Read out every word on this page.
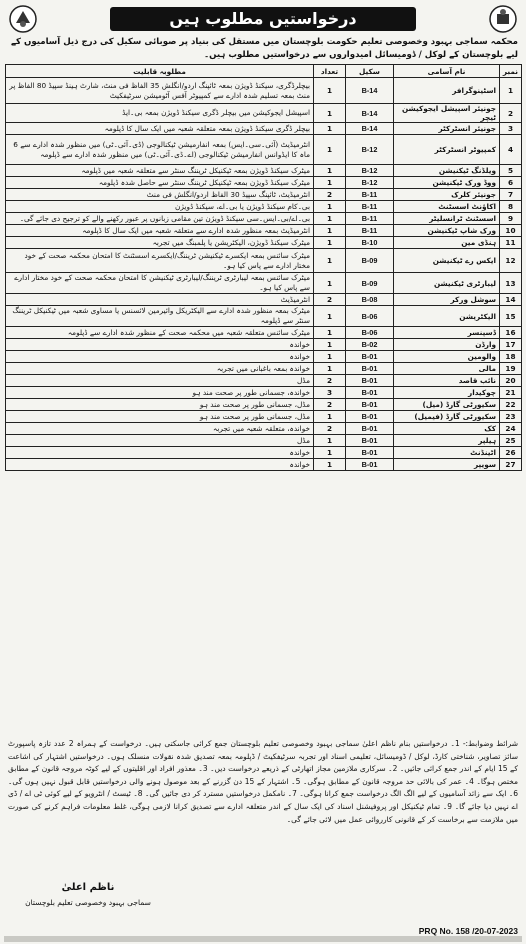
درخواستیں مطلوب ہیں
محکمہ سماجی بہبود وخصوصی تعلیم حکومت بلوچستان میں مستقل کی بنیاد پر صوبائی سکیل کی درج ذیل آسامیوں کے لیے بلوچستان کے لوکل / ڈومیسائل امیدواروں سے درخواستیں مطلوب ہیں۔
نمبر	نام آسامی	سکیل	تعداد	مطلوبہ قابلیت
1	اسٹینوگرافر	B-14	1	بیچلرڈگری، سیکنڈ ڈویژن بمعہ ٹائپنگ اردو/انگلش 35 الفاظ فی منٹ، شارٹ ہینڈ سپیڈ 80 الفاظ پر منٹ بمعہ تسلیم شدہ ادارے سے کمپیوٹر آفس آٹومیشن سرٹیفکیٹ
2	جونیئر اسپیشل ایجوکیشن ٹیچر	B-14	1	اسپیشل ایجوکیشن میں بیچلر ڈگری سیکنڈ ڈویژن بمعہ بی۔ایڈ
3	جونیئر انسٹرکٹر	B-14	1	بیچلر ڈگری سیکنڈ ڈویژن بمعہ متعلقہ شعبہ میں ایک سال کا ڈپلومہ
4	کمپیوٹر انسٹرکٹر	B-12	1	انٹرمیڈیٹ (آئی۔سی۔ایس) بمعہ انفارمیشن ٹیکنالوجی (ڈی۔آئی۔ٹی) میں منظور شدہ ادارے سے 6 ماہ کا ایڈوانس انفارمیشن ٹیکنالوجی (اے۔ڈی۔آئی۔ٹی) میں منظور شدہ ادارے سے ڈپلومہ
5	ویلڈنگ ٹیکنیشن	B-12	1	میٹرک سیکنڈ ڈویژن بمعہ ٹیکنیکل ٹریننگ سنٹر سے متعلقہ شعبہ میں ڈپلومہ
6	ووڈ ورک ٹیکنیشن	B-12	1	میٹرک سیکنڈ ڈویژن بمعہ ٹیکنیکل ٹریننگ سنٹر سے حاصل شدہ ڈپلومہ
7	جونیئر کلرک	B-11	2	انٹرمیڈیٹ، ٹائپنگ سپیڈ 30 الفاظ اردو/انگلش فی منٹ
8	اکاؤنٹ اسسٹنٹ	B-11	1	بی۔کام سیکنڈ ڈویژن یا بی۔اے، سیکنڈ ڈویژن
9	اسسٹنٹ ٹرانسلیٹر	B-11	1	بی۔اے/بی۔ایس۔سی سیکنڈ ڈویژن تین مقامی زبانوں پر عبور رکھنے والے کو ترجیح دی جائے گی۔
10	ورک شاپ ٹیکنیشن	B-11	1	انٹرمیڈیٹ بمعہ منظور شدہ ادارے سے متعلقہ شعبہ میں ایک سال کا ڈپلومہ
11	ہنڈی مین	B-10	1	میٹرک سیکنڈ ڈویژن، الیکٹریشن یا پلمبنگ میں تجربہ
12	ایکس رے ٹیکنیشن	B-09	1	میٹرک سائنس بمعہ ایکسرے ٹیکنیشن ٹریننگ/ایکسرے اسسٹنٹ کا امتحان محکمہ صحت کے خود مختار ادارے سے پاس کیا ہو۔
13	لیبارٹری ٹیکنیشن	B-09	1	میٹرک سائنس بمعہ لیبارٹری ٹریننگ/لیبارٹری ٹیکنیشن کا امتحان محکمہ صحت کے خود مختار ادارے سے پاس کیا ہو۔
14	سوشل ورکر	B-08	2	انٹرمیڈیٹ
15	الیکٹریشن	B-06	1	میٹرک بمعہ منظور شدہ ادارے سے الیکٹریکل وائیرمین لائسنس یا مساوی شعبہ میں ٹیکنیکل ٹریننگ سنٹر سے ڈپلومہ
16	ڈسپنسر	B-06	1	میٹرک سائنس متعلقہ شعبہ میں محکمہ صحت کے منظور شدہ ادارے سے ڈپلومہ
17	وارڈن	B-02	1	خواندہ
18	والومین	B-01	1	خواندہ
19	مالی	B-01	1	خواندہ بمعہ باغبانی میں تجربہ
20	نائب قاصد	B-01	2	مڈل
21	چوکیدار	B-01	3	خواندہ، جسمانی طور پر صحت مند ہو
22	سکیورٹی گارڈ (میل)	B-01	2	مڈل، جسمانی طور پر صحت مند ہو
23	سکیورٹی گارڈ (فیمیل)	B-01	1	مڈل، جسمانی طور پر صحت مند ہو
24	کک	B-01	2	خواندہ، متعلقہ شعبہ میں تجربہ
25	ہیلپر	B-01	1	مڈل
26	اٹینڈنٹ	B-01	1	خواندہ
27	سویپر	B-01	1	خواندہ
شرائط وضوابط:- 1۔ درخواستیں بنام ناظم اعلیٰ سماجی بہبود وخصوصی تعلیم بلوچستان جمع کرائی جاسکتی ہیں۔ درخواست کے ہمراہ 2 عدد تازہ پاسپورٹ سائز تصاویر، شناختی کارڈ، لوکل / ڈومیسائل، تعلیمی اسناد اور تجربہ سرٹیفکیٹ / ڈپلومہ بمعہ تصدیق شدہ نقولات منسلک ہوں۔ درخواستیں اشتہار کی اشاعت کے 15 ایام کے اندر جمع کرائی جائیں۔ 2۔ سرکاری ملازمین مجاز اتھارٹی کے ذریعے درخواست دیں۔ 3۔ معذور افراد اور اقلیتوں کے لیے کوٹہ مروجہ قانون کے مطابق مختص ہوگا۔ 4۔ عمر کی بالائی حد مروجہ قانون کے مطابق ہوگی۔ 5۔ اشتہار کے 15 دن گزرنے کے بعد موصول ہونے والی درخواستیں قابل قبول نہیں ہوں گی۔ 6۔ ایک سے زائد آسامیوں کے لیے الگ الگ درخواست جمع کرانا ہوگی۔ 7۔ نامکمل درخواستیں مسترد کر دی جائیں گی۔ 8۔ ٹیسٹ / انٹرویو کے لیے کوئی ٹی اے / ڈی اے نہیں دیا جائے گا۔ 9۔ تمام ٹیکنیکل اور پروفیشنل اسناد کی ایک سال کے اندر متعلقہ ادارے سے تصدیق کرانا لازمی ہوگی، غلط معلومات فراہم کرنے کی صورت میں ملازمت سے برخاست کر کے قانونی کارروائی عمل میں لائی جائے گی۔
ناظم اعلیٰ
سماجی بہبود وخصوصی تعلیم بلوچستان
PRQ No. 158 /20-07-2023
